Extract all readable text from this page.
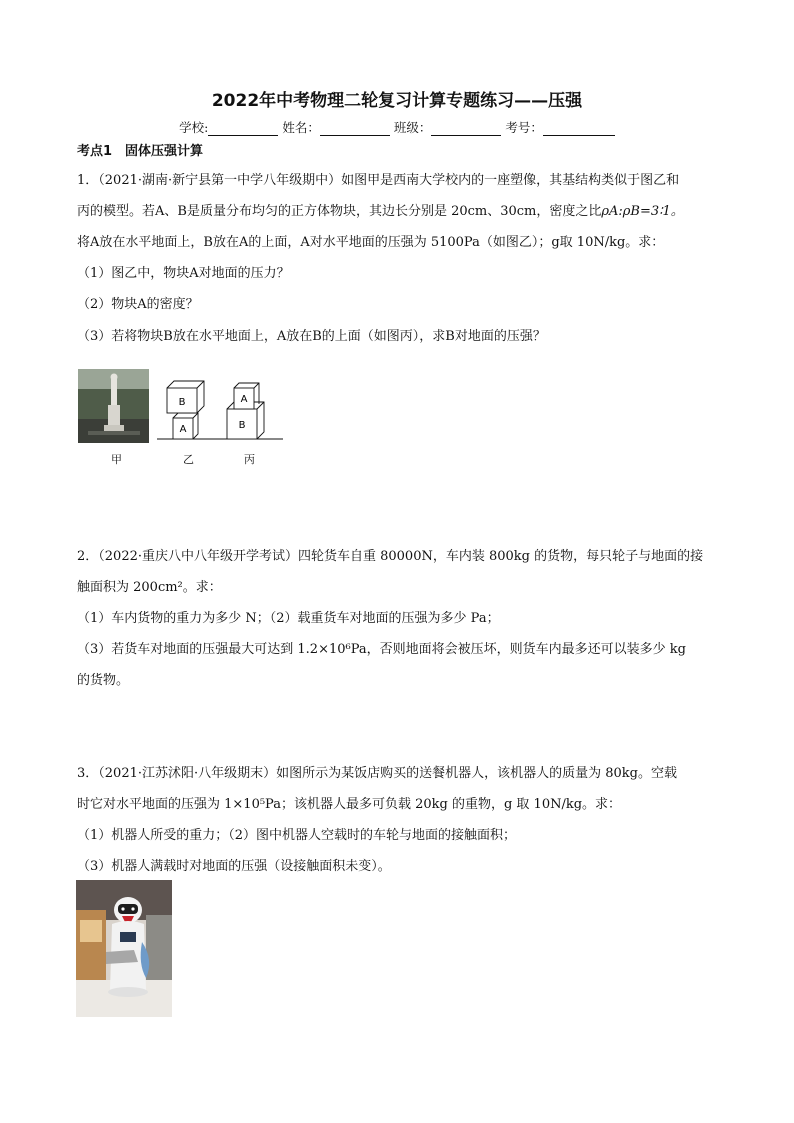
2022年中考物理二轮复习计算专题练习——压强
学校:	姓名：	班级：	考号：
考点1　固体压强计算
1．（2021·湖南·新宁县第一中学八年级期中）如图甲是西南大学校内的一座塑像，其基结构类似于图乙和
丙的模型。若A、B是质量分布均匀的正方体物块，其边长分别是 20cm、30cm，密度之比ρA:ρB=3∶1。
将A放在水平地面上，B放在A的上面，A对水平地面的压强为 5100Pa（如图乙）；g取 10N/kg。求：
（1）图乙中，物块A对地面的压力？
（2）物块A的密度？
（3）若将物块B放在水平地面上，A放在B的上面（如图丙），求B对地面的压强？
甲
A
B
B
A
乙	丙
2．（2022·重庆八中八年级开学考试）四轮货车自重 80000N，车内装 800kg 的货物，每只轮子与地面的接
触面积为 200cm²。求：
（1）车内货物的重力为多少 N；（2）载重货车对地面的压强为多少 Pa；
（3）若货车对地面的压强最大可达到 1.2×10⁶Pa，否则地面将会被压坏，则货车内最多还可以装多少 kg
的货物。
3．（2021·江苏沭阳·八年级期末）如图所示为某饭店购买的送餐机器人，该机器人的质量为 80kg。空载
时它对水平地面的压强为 1×10⁵Pa；该机器人最多可负载 20kg 的重物，g 取 10N/kg。求：
（1）机器人所受的重力；（2）图中机器人空载时的车轮与地面的接触面积；
（3）机器人满载时对地面的压强（设接触面积未变）。
